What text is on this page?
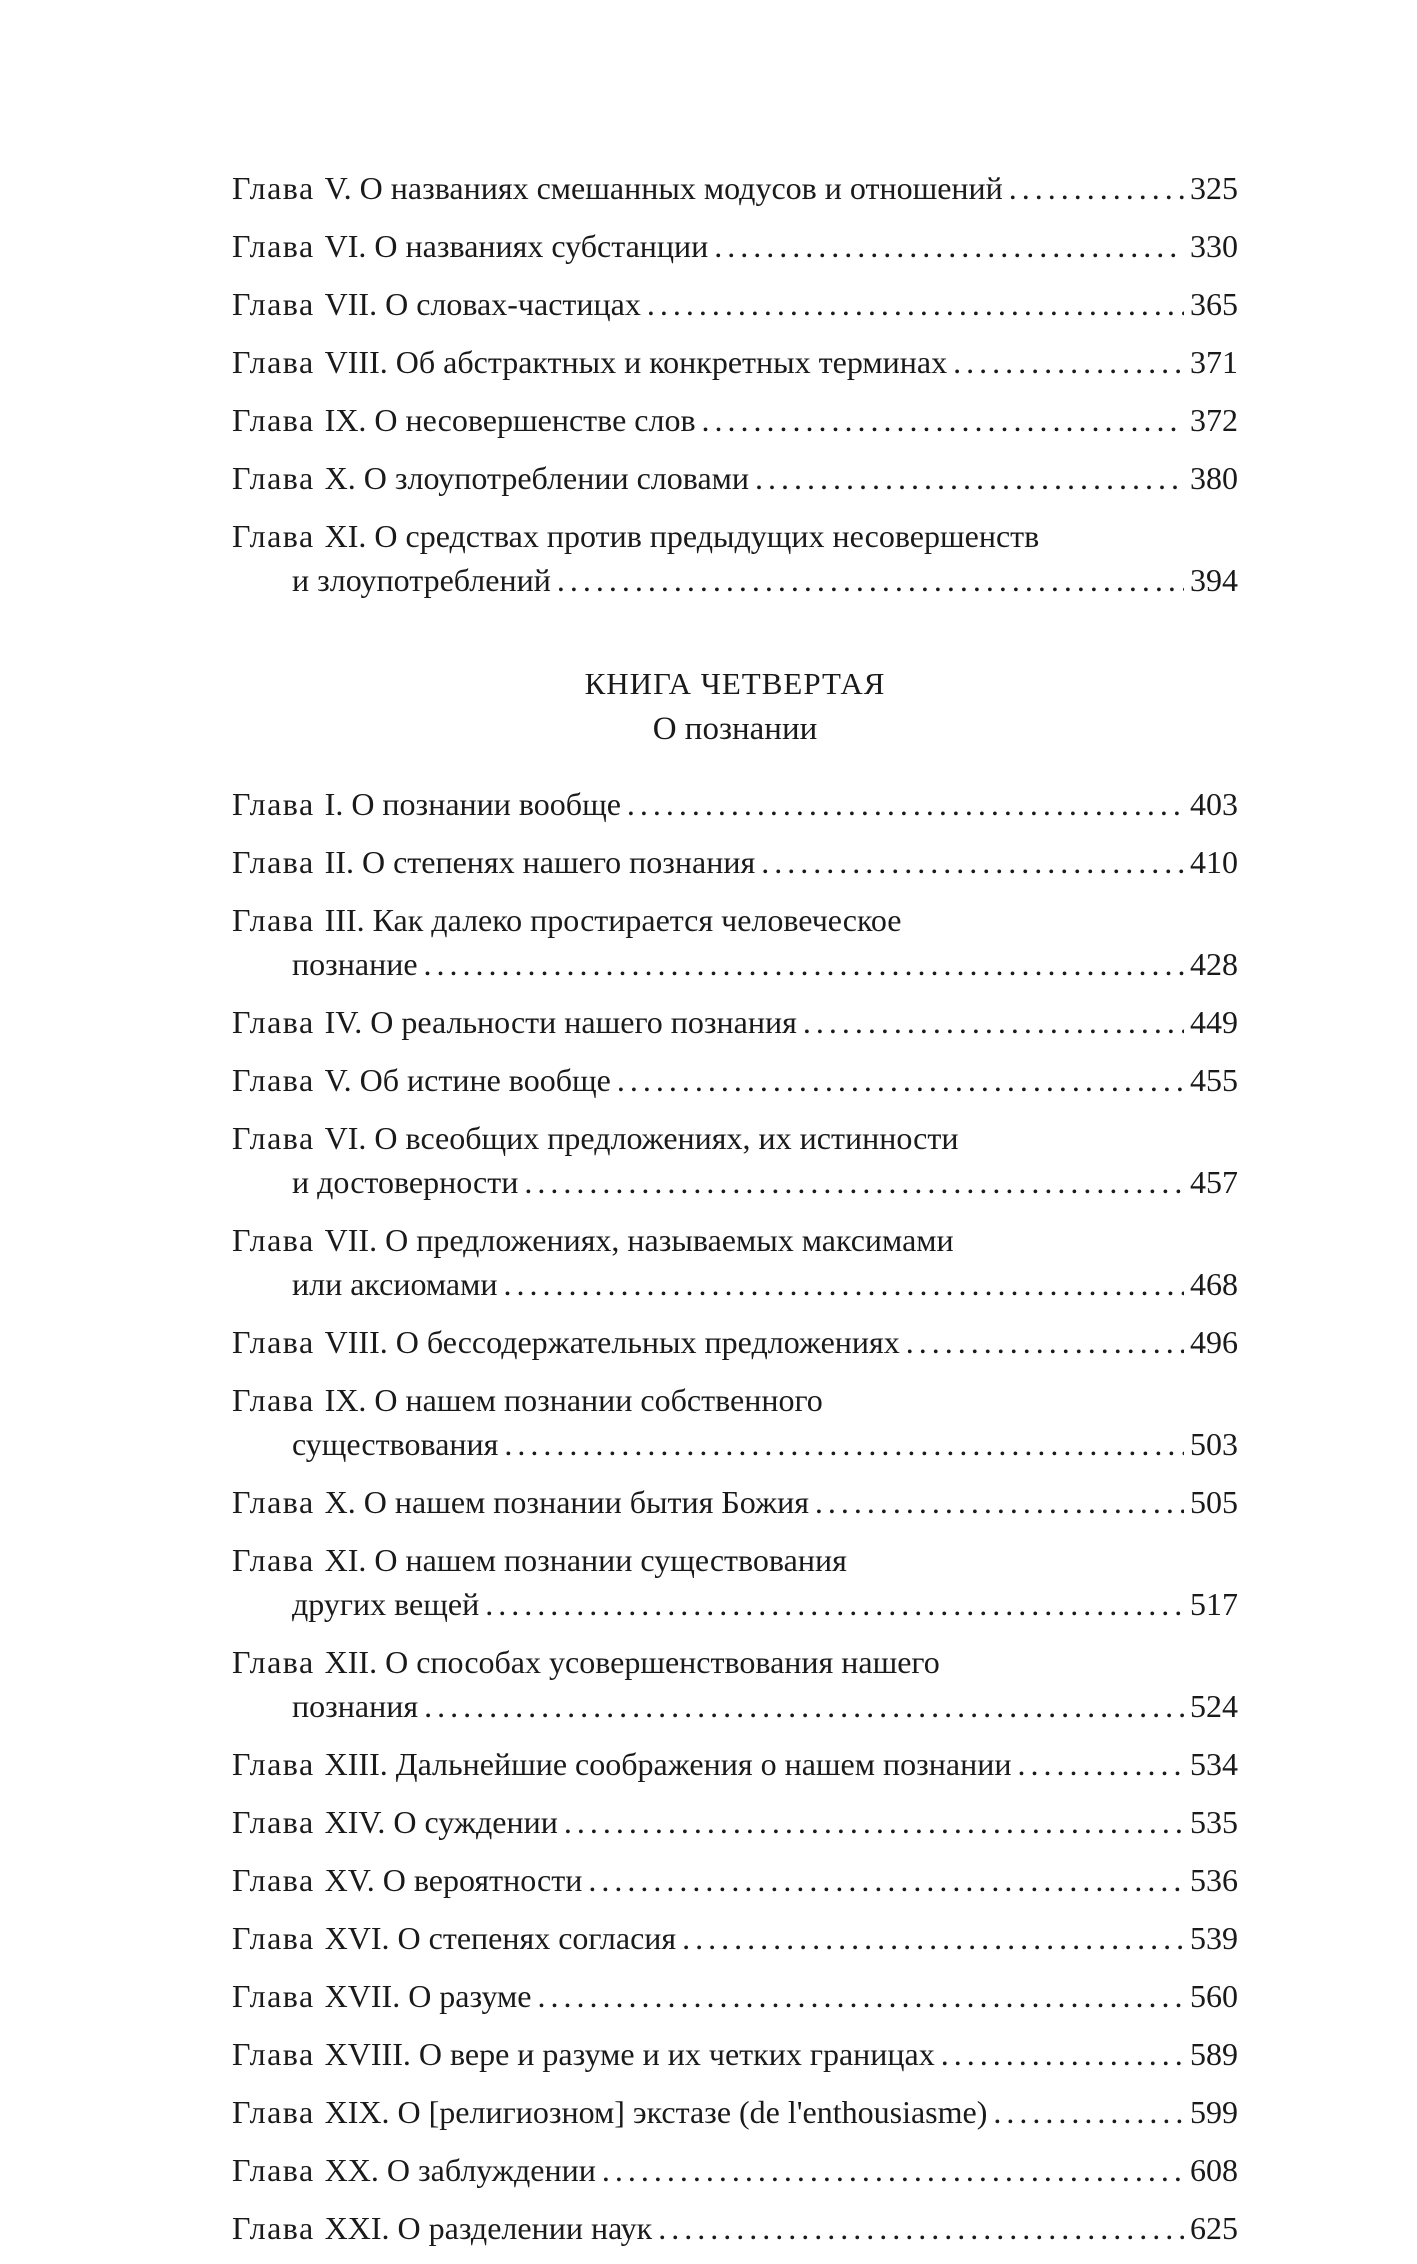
Глава V. О названиях смешанных модусов и отношений .....	325
Глава VI. О названиях субстанции .....	330
Глава VII. О словах-частицах .....	365
Глава VIII. Об абстрактных и конкретных терминах .....	371
Глава IX. О несовершенстве слов .....	372
Глава X. О злоупотреблении словами .....	380
Глава XI. О средствах против предыдущих несовершенств
и злоупотреблений .....	394
КНИГА ЧЕТВЕРТАЯ
О познании
Глава I. О познании вообще .....	403
Глава II. О степенях нашего познания .....	410
Глава III. Как далеко простирается человеческое
познание .....	428
Глава IV. О реальности нашего познания .....	449
Глава V. Об истине вообще .....	455
Глава VI. О всеобщих предложениях, их истинности
и достоверности .....	457
Глава VII. О предложениях, называемых максимами
или аксиомами .....	468
Глава VIII. О бессодержательных предложениях .....	496
Глава IX. О нашем познании собственного
существования .....	503
Глава X. О нашем познании бытия Божия .....	505
Глава XI. О нашем познании существования
других вещей .....	517
Глава XII. О способах усовершенствования нашего
познания .....	524
Глава XIII. Дальнейшие соображения о нашем познании .....	534
Глава XIV. О суждении .....	535
Глава XV. О вероятности .....	536
Глава XVI. О степенях согласия .....	539
Глава XVII. О разуме .....	560
Глава XVIII. О вере и разуме и их четких границах .....	589
Глава XIX. О [религиозном] экстазе (de l'enthousiasme) .....	599
Глава XX. О заблуждении .....	608
Глава XXI. О разделении наук .....	625
